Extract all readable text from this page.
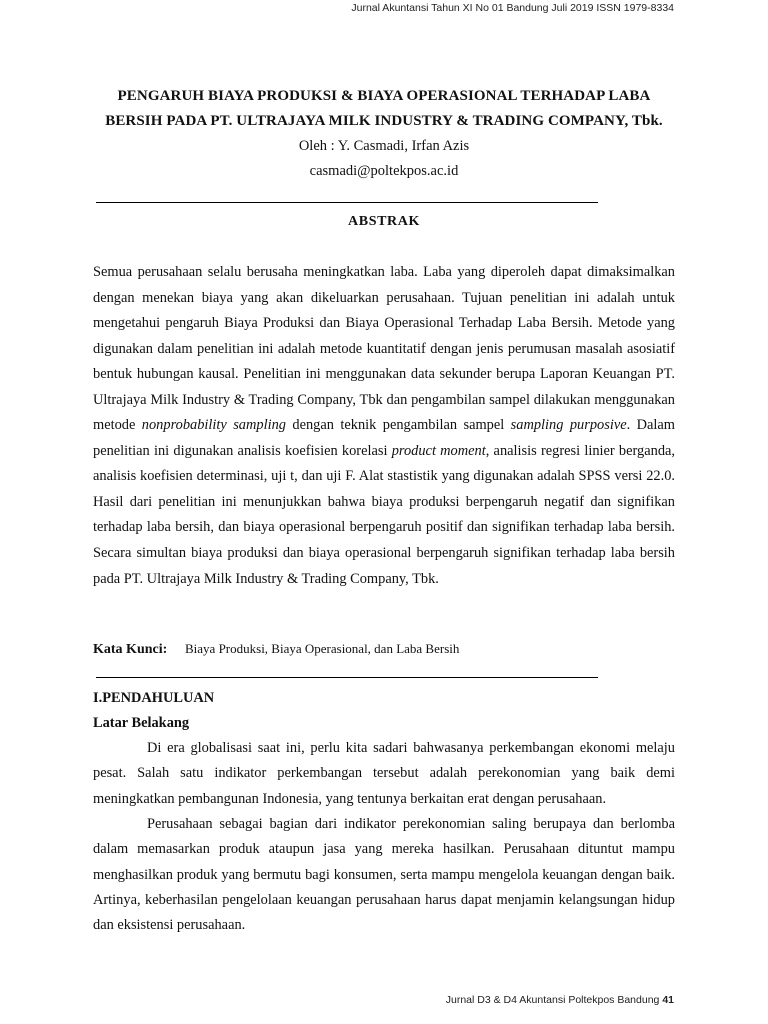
Jurnal Akuntansi Tahun XI No 01 Bandung Juli 2019 ISSN 1979-8334
PENGARUH BIAYA PRODUKSI & BIAYA OPERASIONAL TERHADAP LABA
BERSIH PADA PT. ULTRAJAYA MILK INDUSTRY & TRADING COMPANY, Tbk.
Oleh : Y. Casmadi, Irfan Azis
casmadi@poltekpos.ac.id
ABSTRAK

Semua perusahaan selalu berusaha meningkatkan laba. Laba yang diperoleh dapat dimaksimalkan dengan menekan biaya yang akan dikeluarkan perusahaan. Tujuan penelitian ini adalah untuk mengetahui pengaruh Biaya Produksi dan Biaya Operasional Terhadap Laba Bersih. Metode yang digunakan dalam penelitian ini adalah metode kuantitatif dengan jenis perumusan masalah asosiatif bentuk hubungan kausal. Penelitian ini menggunakan data sekunder berupa Laporan Keuangan PT. Ultrajaya Milk Industry & Trading Company, Tbk dan pengambilan sampel dilakukan menggunakan metode nonprobability sampling dengan teknik pengambilan sampel sampling purposive. Dalam penelitian ini digunakan analisis koefisien korelasi product moment, analisis regresi linier berganda, analisis koefisien determinasi, uji t, dan uji F. Alat stastistik yang digunakan adalah SPSS versi 22.0. Hasil dari penelitian ini menunjukkan bahwa biaya produksi berpengaruh negatif dan signifikan terhadap laba bersih, dan biaya operasional berpengaruh positif dan signifikan terhadap laba bersih. Secara simultan biaya produksi dan biaya operasional berpengaruh signifikan terhadap laba bersih pada PT. Ultrajaya Milk Industry & Trading Company, Tbk.

Kata Kunci: Biaya Produksi, Biaya Operasional, dan Laba Bersih
I.PENDAHULUAN
Latar Belakang

Di era globalisasi saat ini, perlu kita sadari bahwasanya perkembangan ekonomi melaju pesat. Salah satu indikator perkembangan tersebut adalah perekonomian yang baik demi meningkatkan pembangunan Indonesia, yang tentunya berkaitan erat dengan perusahaan.

Perusahaan sebagai bagian dari indikator perekonomian saling berupaya dan berlomba dalam memasarkan produk ataupun jasa yang mereka hasilkan. Perusahaan dituntut mampu menghasilkan produk yang bermutu bagi konsumen, serta mampu mengelola keuangan dengan baik. Artinya, keberhasilan pengelolaan keuangan perusahaan harus dapat menjamin kelangsungan hidup dan eksistensi perusahaan.

Jurnal D3 & D4 Akuntansi Poltekpos Bandung 41
